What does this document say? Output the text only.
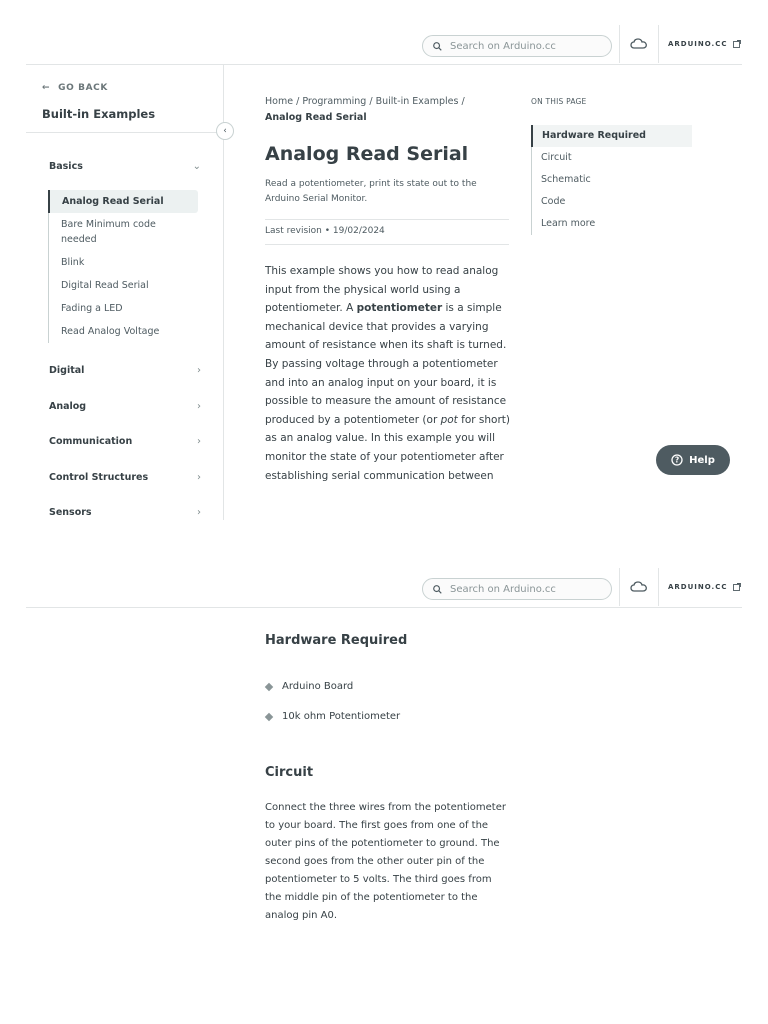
Search on Arduino.cc	ARDUINO.CC
← GO BACK
Built-in Examples
‹
Basics	⌄
Analog Read Serial
Bare Minimum code needed
Blink
Digital Read Serial
Fading a LED
Read Analog Voltage
Digital	›
Analog	›
Communication	›
Control Structures	›
Sensors	›
Home / Programming / Built-in Examples /
Analog Read Serial
Analog Read Serial
Read a potentiometer, print its state out to the Arduino Serial Monitor.
Last revision • 19/02/2024
This example shows you how to read analog input from the physical world using a potentiometer. A potentiometer is a simple mechanical device that provides a varying amount of resistance when its shaft is turned. By passing voltage through a potentiometer and into an analog input on your board, it is possible to measure the amount of resistance produced by a potentiometer (or pot for short) as an analog value. In this example you will monitor the state of your potentiometer after establishing serial communication between
ON THIS PAGE
Hardware Required
Circuit
Schematic
Code
Learn more
? Help
Search on Arduino.cc	ARDUINO.CC
Hardware Required
Arduino Board
10k ohm Potentiometer
Circuit
Connect the three wires from the potentiometer to your board. The first goes from one of the outer pins of the potentiometer to ground. The second goes from the other outer pin of the potentiometer to 5 volts. The third goes from the middle pin of the potentiometer to the analog pin A0.
